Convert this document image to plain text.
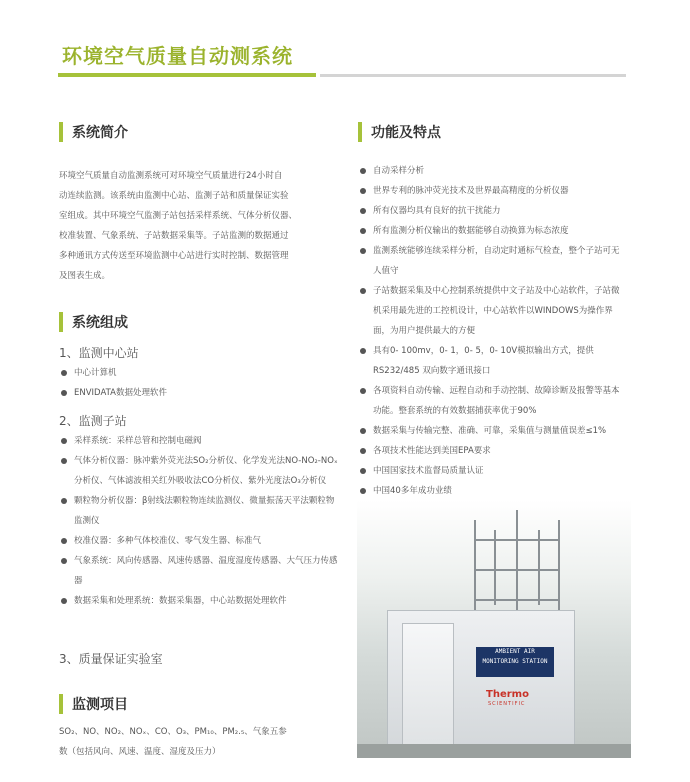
环境空气质量自动测系统
系统简介
环境空气质量自动监测系统可对环境空气质量进行24小时自
动连续监测。该系统由监测中心站、监测子站和质量保证实验
室组成。其中环境空气监测子站包括采样系统、气体分析仪器、
校准装置、气象系统、子站数据采集等。子站监测的数据通过
多种通讯方式传送至环境监测中心站进行实时控制、数据管理
及图表生成。
系统组成
1、监测中心站
中心计算机
ENVIDATA数据处理软件
2、监测子站
采样系统：采样总管和控制电磁阀
气体分析仪器：脉冲紫外荧光法SO₂分析仪、化学发光法NO-NO₂-NOₓ分析仪、气体滤波相关红外吸收法CO分析仪、紫外光度法O₃分析仪
颗粒物分析仪器：β射线法颗粒物连续监测仪、微量振荡天平法颗粒物监测仪
校准仪器：多种气体校准仪、零气发生器、标准气
气象系统：风向传感器、风速传感器、温度湿度传感器、大气压力传感器
数据采集和处理系统：数据采集器，中心站数据处理软件
3、质量保证实验室
监测项目
SO₂、NO、NO₂、NOₓ、CO、O₃、PM₁₀、PM₂.₅、气象五参
数（包括风向、风速、温度、湿度及压力）
功能及特点
自动采样分析
世界专利的脉冲荧光技术及世界最高精度的分析仪器
所有仪器均具有良好的抗干扰能力
所有监测分析仪输出的数据能够自动换算为标态浓度
监测系统能够连续采样分析，自动定时通标气检查，整个子站可无人值守
子站数据采集及中心控制系统提供中文子站及中心站软件，子站微机采用最先进的工控机设计，中心站软件以WINDOWS为操作界面，为用户提供最大的方便
具有0- 100mv，0- 1，0- 5，0- 10V模拟输出方式，提供RS232/485 双向数字通讯接口
各项资料自动传输、远程自动和手动控制、故障诊断及报警等基本功能。整套系统的有效数据捕获率优于90%
数据采集与传输完整、准确、可靠，采集值与测量值误差≤1%
各项技术性能达到美国EPA要求
中国国家技术监督局质量认证
中国40多年成功业绩
AMBIENT AIR
MONITORING STATION
Thermo
SCIENTIFIC
